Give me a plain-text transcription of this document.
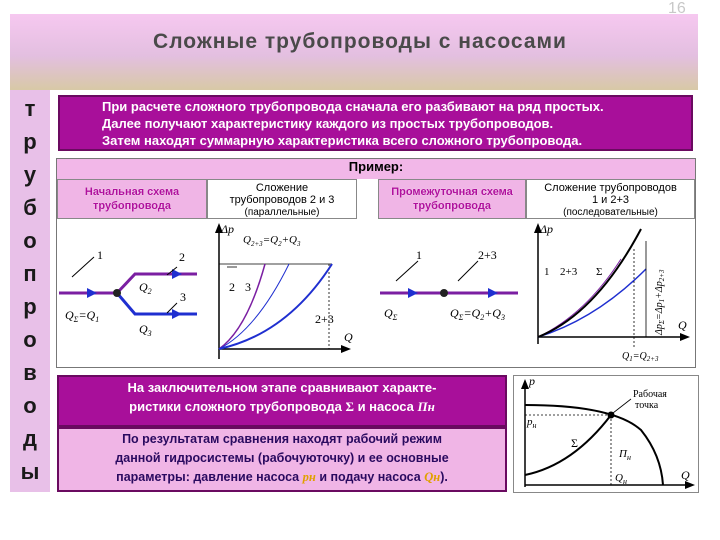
Сложные трубопроводы с насосами
16
т
р
у
б
о
п
р
о
в
о
д
ы
При расчете сложного трубопровода сначала его разбивают на ряд простых.
Далее получают характеристику каждого из простых трубопроводов.
Затем находят суммарную характеристика всего сложного трубопровода.
Пример:
Начальная схема
трубопровода
Сложение
трубопроводов 2 и 3
(параллельные)
Промежуточная схема
трубопровода
Сложение трубопроводов
1 и 2+3
(последовательные)
1	2
3
$Q_2$
$Q_3$
$Q_\Sigma=Q_1$
Δp
$Q_{2+3}=Q_2+Q_3$
2 3
2+3
Q
1	2+3
$Q_\Sigma$	$Q_\Sigma=Q_2+Q_3$
Δp
1 2+3 Σ
Q
$\Delta p_\Sigma=\Delta p_1+\Delta p_{2+3}$
$Q_1=Q_{2+3}$
На заключительном этапе сравнивают характе-
ристики сложного трубопровода Σ и насоса Пн
По результатам сравнения находят рабочий режим
данной гидросистемы (рабочуюточку) и ее основные
параметры: давление насоса pн и подачу насоса Qн).
p
$p_н$
Рабочая
точка
Σ
$П_н$
$Q_н$	Q
